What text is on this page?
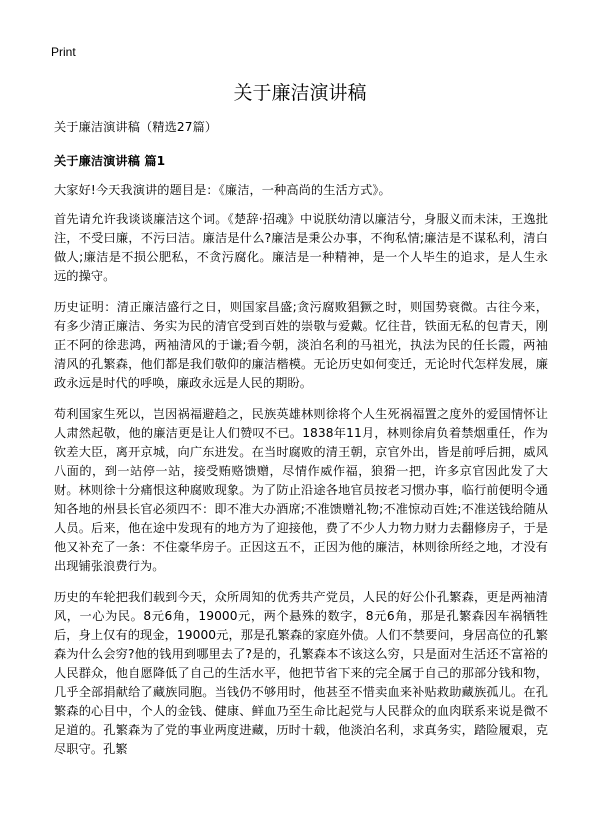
Print
关于廉洁演讲稿

关于廉洁演讲稿（精选27篇）

关于廉洁演讲稿 篇1

大家好!今天我演讲的题目是：《廉洁，一种高尚的生活方式》。

首先请允许我谈谈廉洁这个词。《楚辞·招魂》中说朕幼清以廉洁兮，身服义而未沫，王逸批注，不受曰廉，不污曰洁。廉洁是什么?廉洁是秉公办事，不徇私情;廉洁是不谋私利，清白做人;廉洁是不损公肥私，不贪污腐化。廉洁是一种精神，是一个人毕生的追求，是人生永远的操守。

历史证明：清正廉洁盛行之日，则国家昌盛;贪污腐败猖獗之时，则国势衰微。古往今来，有多少清正廉洁、务实为民的清官受到百姓的崇敬与爱戴。忆往昔，铁面无私的包青天，刚正不阿的徐悲鸿，两袖清风的于谦;看今朝，淡泊名利的马祖光，执法为民的任长霞，两袖清风的孔繁森，他们都是我们敬仰的廉洁楷模。无论历史如何变迁，无论时代怎样发展，廉政永远是时代的呼唤，廉政永远是人民的期盼。

苟利国家生死以，岂因祸福避趋之，民族英雄林则徐将个人生死祸福置之度外的爱国情怀让人肃然起敬，他的廉洁更是让人们赞叹不已。1838年11月，林则徐肩负着禁烟重任，作为钦差大臣，离开京城，向广东进发。在当时腐败的清王朝，京官外出，皆是前呼后拥，威风八面的，到一站停一站，接受贿赂馈赠，尽情作威作福，狼猾一把，许多京官因此发了大财。林则徐十分痛恨这种腐败现象。为了防止沿途各地官员按老习惯办事，临行前便明令通知各地的州县长官必须四不：即不准大办酒席;不准馈赠礼物;不准惊动百姓;不准送钱给随从人员。后来，他在途中发现有的地方为了迎接他，费了不少人力物力财力去翻修房子，于是他又补充了一条：不住豪华房子。正因这五不，正因为他的廉洁，林则徐所经之地，才没有出现铺张浪费行为。

历史的车轮把我们载到今天，众所周知的优秀共产党员，人民的好公仆孔繁森，更是两袖清风，一心为民。8元6角，19000元，两个悬殊的数字，8元6角，那是孔繁森因车祸牺牲后，身上仅有的现金，19000元，那是孔繁森的家庭外债。人们不禁要问，身居高位的孔繁森为什么会穷?他的钱用到哪里去了?是的，孔繁森本不该这么穷，只是面对生活还不富裕的人民群众，他自愿降低了自己的生活水平，他把节省下来的完全属于自己的那部分钱和物，几乎全部捐献给了藏族同胞。当钱仍不够用时，他甚至不惜卖血来补贴救助藏族孤儿。在孔繁森的心目中，个人的金钱、健康、鲜血乃至生命比起党与人民群众的血肉联系来说是微不足道的。孔繁森为了党的事业两度进藏，历时十载，他淡泊名利，求真务实，踏险履艰，克尽职守。孔繁
